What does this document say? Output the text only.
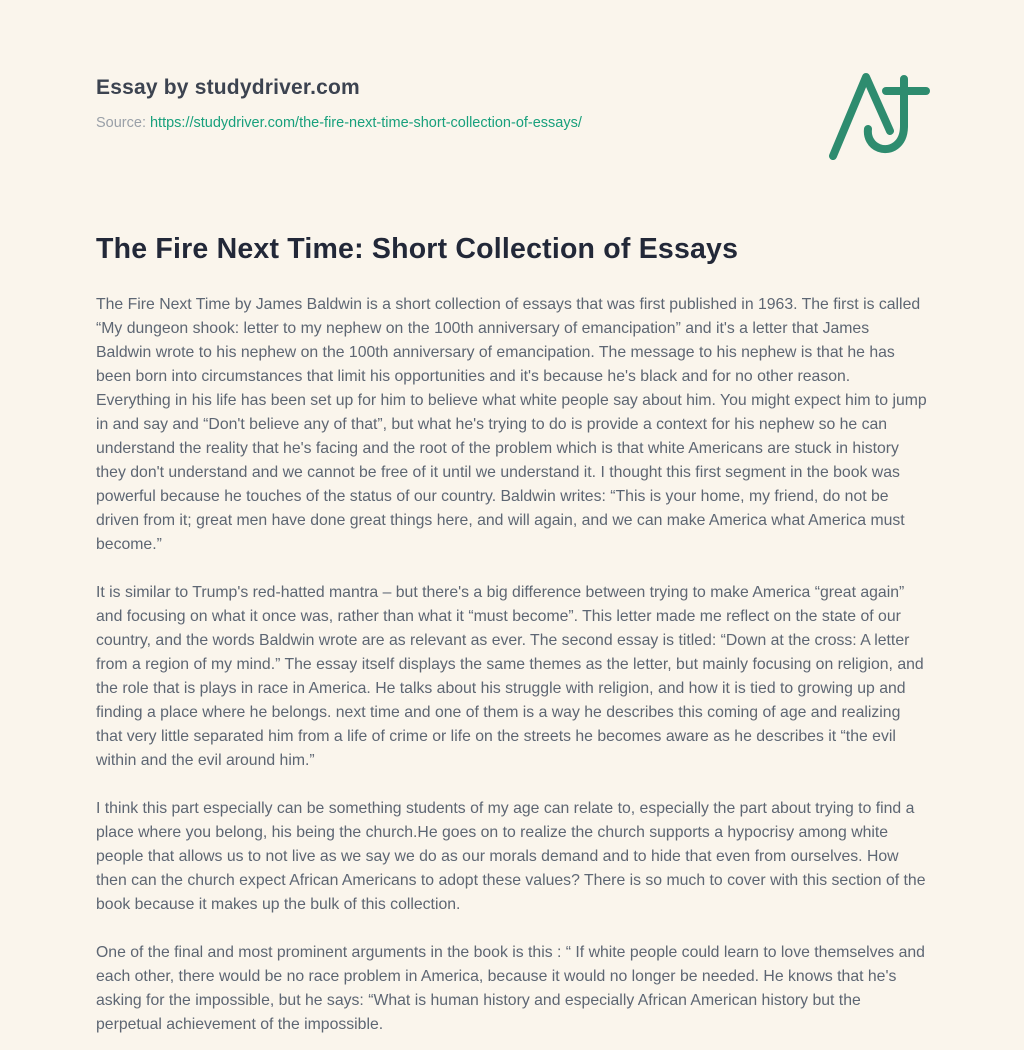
Essay by studydriver.com
Source: https://studydriver.com/the-fire-next-time-short-collection-of-essays/
The Fire Next Time: Short Collection of Essays

The Fire Next Time by James Baldwin is a short collection of essays that was first published in 1963. The first is called “My dungeon shook: letter to my nephew on the 100th anniversary of emancipation” and it's a letter that James Baldwin wrote to his nephew on the 100th anniversary of emancipation. The message to his nephew is that he has been born into circumstances that limit his opportunities and it's because he's black and for no other reason. Everything in his life has been set up for him to believe what white people say about him. You might expect him to jump in and say and “Don't believe any of that”, but what he's trying to do is provide a context for his nephew so he can understand the reality that he's facing and the root of the problem which is that white Americans are stuck in history they don't understand and we cannot be free of it until we understand it. I thought this first segment in the book was powerful because he touches of the status of our country. Baldwin writes: “This is your home, my friend, do not be driven from it; great men have done great things here, and will again, and we can make America what America must become.”

It is similar to Trump's red-hatted mantra – but there's a big difference between trying to make America “great again” and focusing on what it once was, rather than what it “must become”. This letter made me reflect on the state of our country, and the words Baldwin wrote are as relevant as ever. The second essay is titled: “Down at the cross: A letter from a region of my mind.” The essay itself displays the same themes as the letter, but mainly focusing on religion, and the role that is plays in race in America. He talks about his struggle with religion, and how it is tied to growing up and finding a place where he belongs. next time and one of them is a way he describes this coming of age and realizing that very little separated him from a life of crime or life on the streets he becomes aware as he describes it “the evil within and the evil around him.”

I think this part especially can be something students of my age can relate to, especially the part about trying to find a place where you belong, his being the church.He goes on to realize the church supports a hypocrisy among white people that allows us to not live as we say we do as our morals demand and to hide that even from ourselves. How then can the church expect African Americans to adopt these values? There is so much to cover with this section of the book because it makes up the bulk of this collection.

One of the final and most prominent arguments in the book is this : “ If white people could learn to love themselves and each other, there would be no race problem in America, because it would no longer be needed. He knows that he's asking for the impossible, but he says: “What is human history and especially African American history but the perpetual achievement of the impossible.
